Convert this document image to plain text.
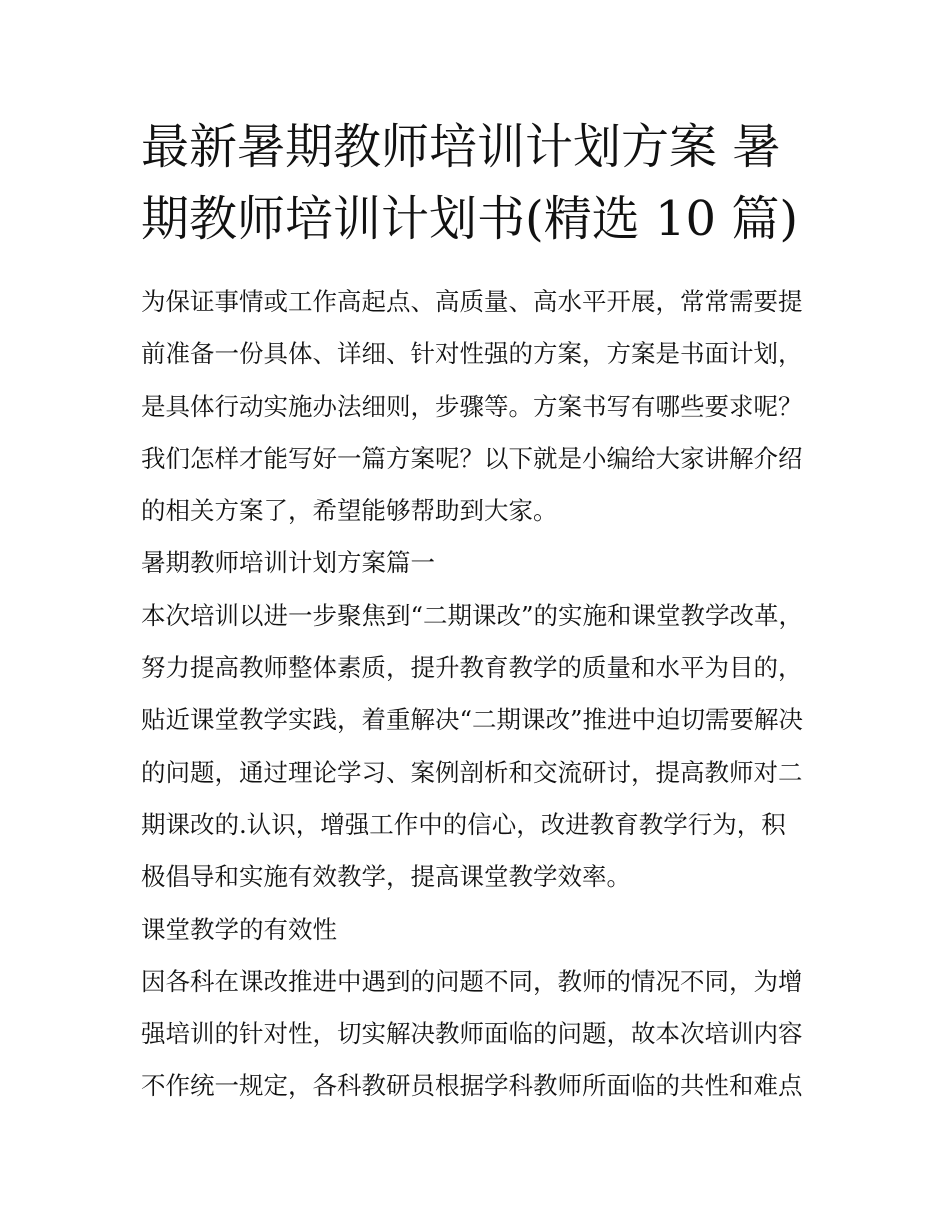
最新暑期教师培训计划方案 暑
期教师培训计划书(精选 10 篇)
为保证事情或工作高起点、高质量、高水平开展，常常需要提
前准备一份具体、详细、针对性强的方案，方案是书面计划，
是具体行动实施办法细则，步骤等。方案书写有哪些要求呢？
我们怎样才能写好一篇方案呢？以下就是小编给大家讲解介绍
的相关方案了，希望能够帮助到大家。
暑期教师培训计划方案篇一
本次培训以进一步聚焦到“二期课改”的实施和课堂教学改革，
努力提高教师整体素质，提升教育教学的质量和水平为目的，
贴近课堂教学实践，着重解决“二期课改”推进中迫切需要解决
的问题，通过理论学习、案例剖析和交流研讨，提高教师对二
期课改的.认识，增强工作中的信心，改进教育教学行为，积
极倡导和实施有效教学，提高课堂教学效率。
课堂教学的有效性
因各科在课改推进中遇到的问题不同，教师的情况不同，为增
强培训的针对性，切实解决教师面临的问题，故本次培训内容
不作统一规定，各科教研员根据学科教师所面临的共性和难点
